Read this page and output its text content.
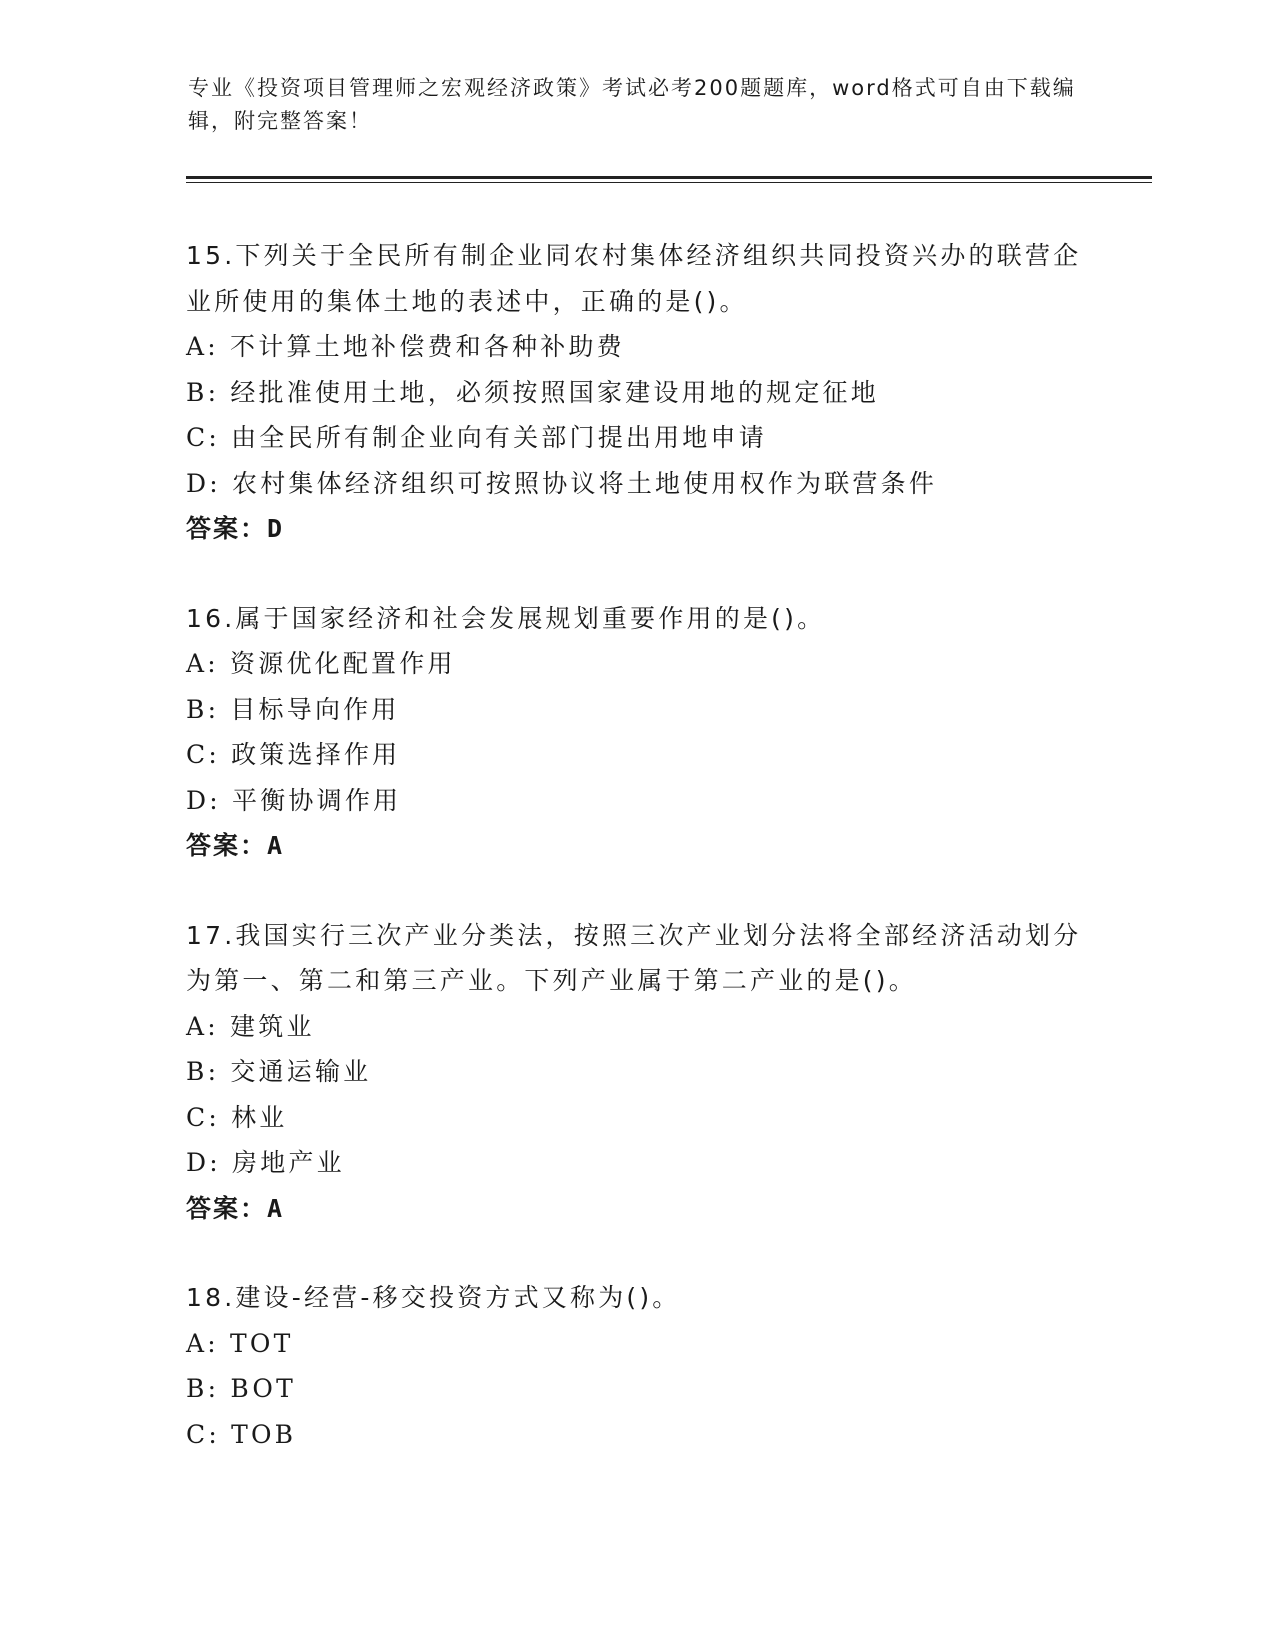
专业《投资项目管理师之宏观经济政策》考试必考200题题库，word格式可自由下载编辑，附完整答案！
15.下列关于全民所有制企业同农村集体经济组织共同投资兴办的联营企业所使用的集体土地的表述中，正确的是()。
A: 不计算土地补偿费和各种补助费
B: 经批准使用土地，必须按照国家建设用地的规定征地
C: 由全民所有制企业向有关部门提出用地申请
D: 农村集体经济组织可按照协议将土地使用权作为联营条件
答案：D
16.属于国家经济和社会发展规划重要作用的是()。
A: 资源优化配置作用
B: 目标导向作用
C: 政策选择作用
D: 平衡协调作用
答案：A
17.我国实行三次产业分类法，按照三次产业划分法将全部经济活动划分为第一、第二和第三产业。下列产业属于第二产业的是()。
A: 建筑业
B: 交通运输业
C: 林业
D: 房地产业
答案：A
18.建设-经营-移交投资方式又称为()。
A: TOT
B: BOT
C: TOB
